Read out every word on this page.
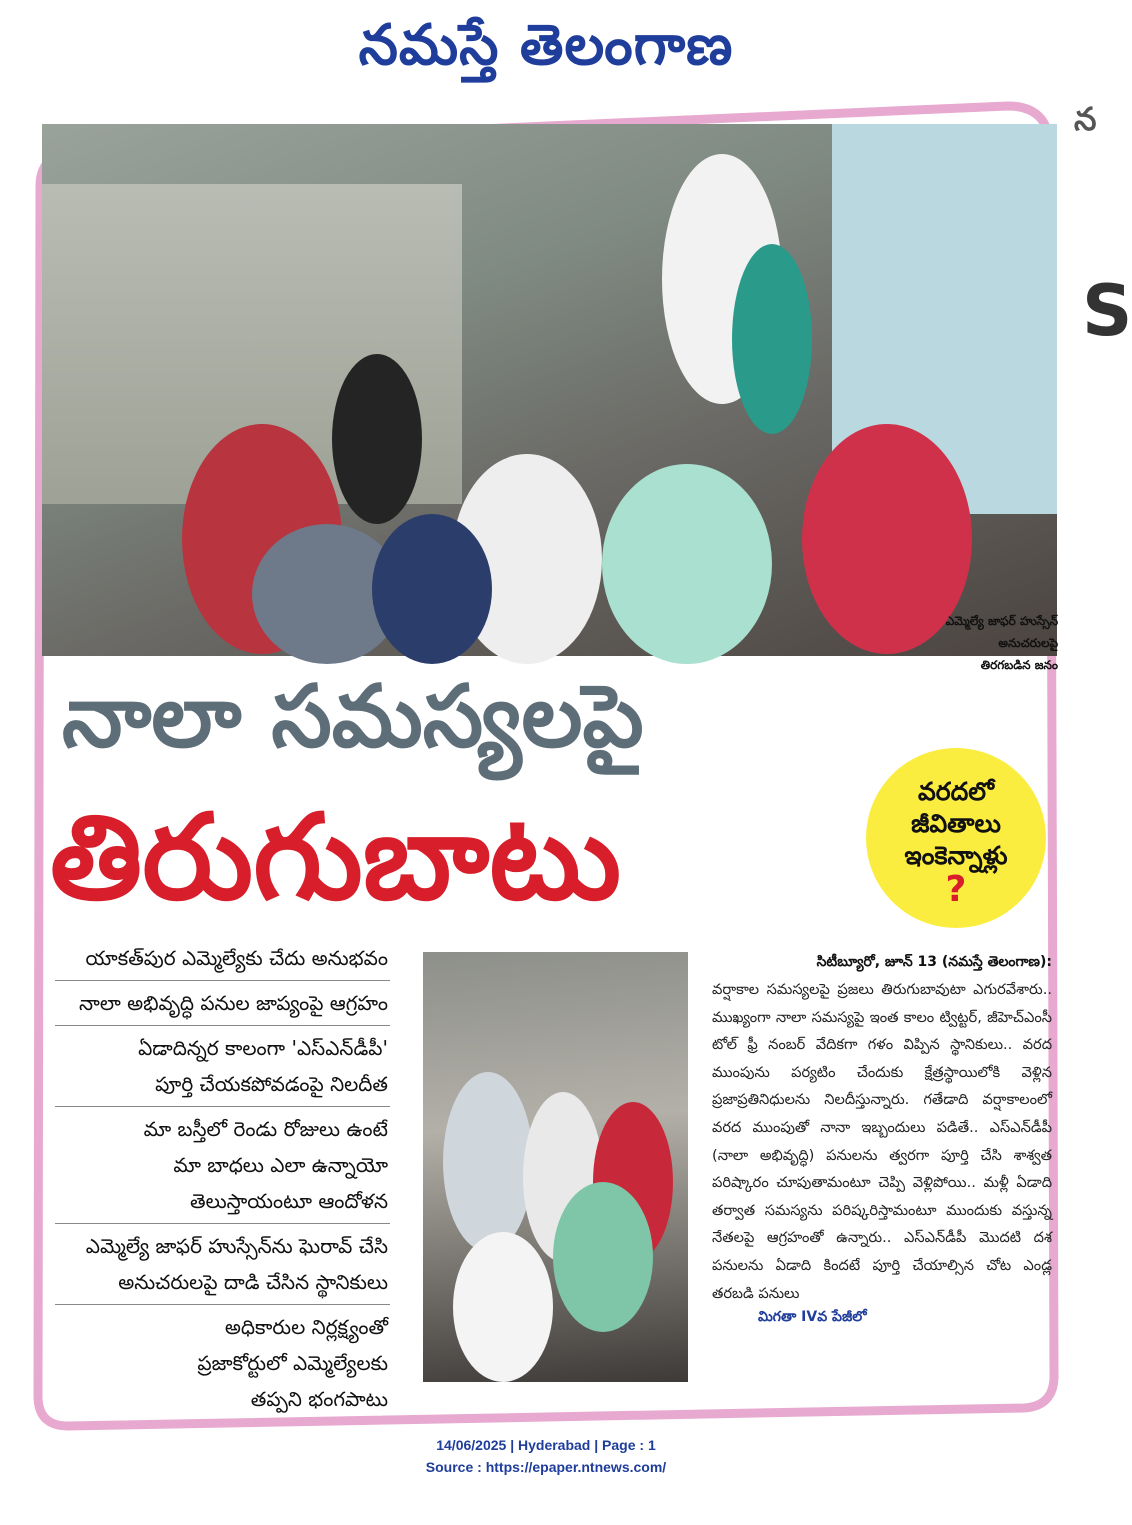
నమస్తే తెలంగాణ
న
S
ఎమ్మెల్యే జాఫర్ హుస్సేన్
అనుచరులపై
తిరగబడిన జనం
నాలా సమస్యలపై
తిరుగుబాటు	వరదలో
జీవితాలు
ఇంకెన్నాళ్లు
?
యాకత్‌పుర ఎమ్మెల్యేకు చేదు అనుభవం
నాలా అభివృద్ధి పనుల జాప్యంపై ఆగ్రహం
ఏడాదిన్నర కాలంగా 'ఎస్ఎన్‌డీపీ'
పూర్తి చేయకపోవడంపై నిలదీత
మా బస్తీలో రెండు రోజులు ఉంటే
మా బాధలు ఎలా ఉన్నాయో
తెలుస్తాయంటూ ఆందోళన
ఎమ్మెల్యే జాఫర్ హుస్సేన్‌ను ఘెరావ్ చేసి
అనుచరులపై దాడి చేసిన స్థానికులు
అధికారుల నిర్లక్ష్యంతో
ప్రజాకోర్టులో ఎమ్మెల్యేలకు
తప్పని భంగపాటు
సిటీబ్యూరో, జూన్ 13 (నమస్తే తెలంగాణ):
వర్షాకాల సమస్యలపై ప్రజలు తిరుగుబావుటా ఎగురవేశారు.. ముఖ్యంగా నాలా సమస్యపై ఇంత కాలం ట్విట్టర్, జీహెచ్ఎంసీ టోల్ ఫ్రీ నంబర్ వేదికగా గళం విప్పిన స్థానికులు.. వరద ముంపును పర్యటిం చేందుకు క్షేత్రస్థాయిలోకి వెళ్లిన ప్రజాప్రతినిధులను నిలదీస్తున్నారు. గతేడాది వర్షాకాలంలో వరద ముంపుతో నానా ఇబ్బందులు పడితే.. ఎస్ఎన్‌డీపీ (నాలా అభివృద్ధి) పనులను త్వరగా పూర్తి చేసి శాశ్వత పరిష్కారం చూపుతామంటూ చెప్పి వెళ్లిపోయి.. మళ్లీ ఏడాది తర్వాత సమస్యను పరిష్కరిస్తామంటూ ముందుకు వస్తున్న నేతలపై ఆగ్రహంతో ఉన్నారు.. ఎస్ఎన్‌డీపీ మొదటి దశ పనులను ఏడాది కిందటే పూర్తి చేయాల్సిన చోట ఎండ్ల తరబడి పనులు
మిగతా IVవ పేజీలో
14/06/2025 | Hyderabad | Page : 1
Source : https://epaper.ntnews.com/
